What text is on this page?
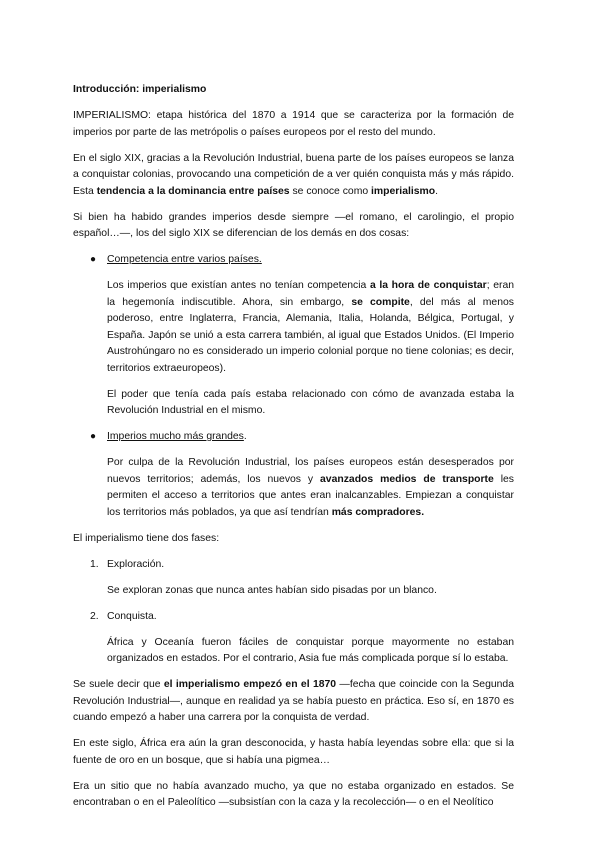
Introducción: imperialismo

IMPERIALISMO: etapa histórica del 1870 a 1914 que se caracteriza por la formación de imperios por parte de las metrópolis o países europeos por el resto del mundo.

En el siglo XIX, gracias a la Revolución Industrial, buena parte de los países europeos se lanza a conquistar colonias, provocando una competición de a ver quién conquista más y más rápido. Esta tendencia a la dominancia entre países se conoce como imperialismo.

Si bien ha habido grandes imperios desde siempre —el romano, el carolingio, el propio español…—, los del siglo XIX se diferencian de los demás en dos cosas:

● Competencia entre varios países.

Los imperios que existían antes no tenían competencia a la hora de conquistar; eran la hegemonía indiscutible. Ahora, sin embargo, se compite, del más al menos poderoso, entre Inglaterra, Francia, Alemania, Italia, Holanda, Bélgica, Portugal, y España. Japón se unió a esta carrera también, al igual que Estados Unidos. (El Imperio Austrohúngaro no es considerado un imperio colonial porque no tiene colonias; es decir, territorios extraeuropeos).

El poder que tenía cada país estaba relacionado con cómo de avanzada estaba la Revolución Industrial en el mismo.

● Imperios mucho más grandes.

Por culpa de la Revolución Industrial, los países europeos están desesperados por nuevos territorios; además, los nuevos y avanzados medios de transporte les permiten el acceso a territorios que antes eran inalcanzables. Empiezan a conquistar los territorios más poblados, ya que así tendrían más compradores.

El imperialismo tiene dos fases:

1. Exploración.

Se exploran zonas que nunca antes habían sido pisadas por un blanco.

2. Conquista.

África y Oceanía fueron fáciles de conquistar porque mayormente no estaban organizados en estados. Por el contrario, Asia fue más complicada porque sí lo estaba.

Se suele decir que el imperialismo empezó en el 1870 —fecha que coincide con la Segunda Revolución Industrial—, aunque en realidad ya se había puesto en práctica. Eso sí, en 1870 es cuando empezó a haber una carrera por la conquista de verdad.

En este siglo, África era aún la gran desconocida, y hasta había leyendas sobre ella: que si la fuente de oro en un bosque, que si había una pigmea…

Era un sitio que no había avanzado mucho, ya que no estaba organizado en estados. Se encontraban o en el Paleolítico —subsistían con la caza y la recolección— o en el Neolítico
